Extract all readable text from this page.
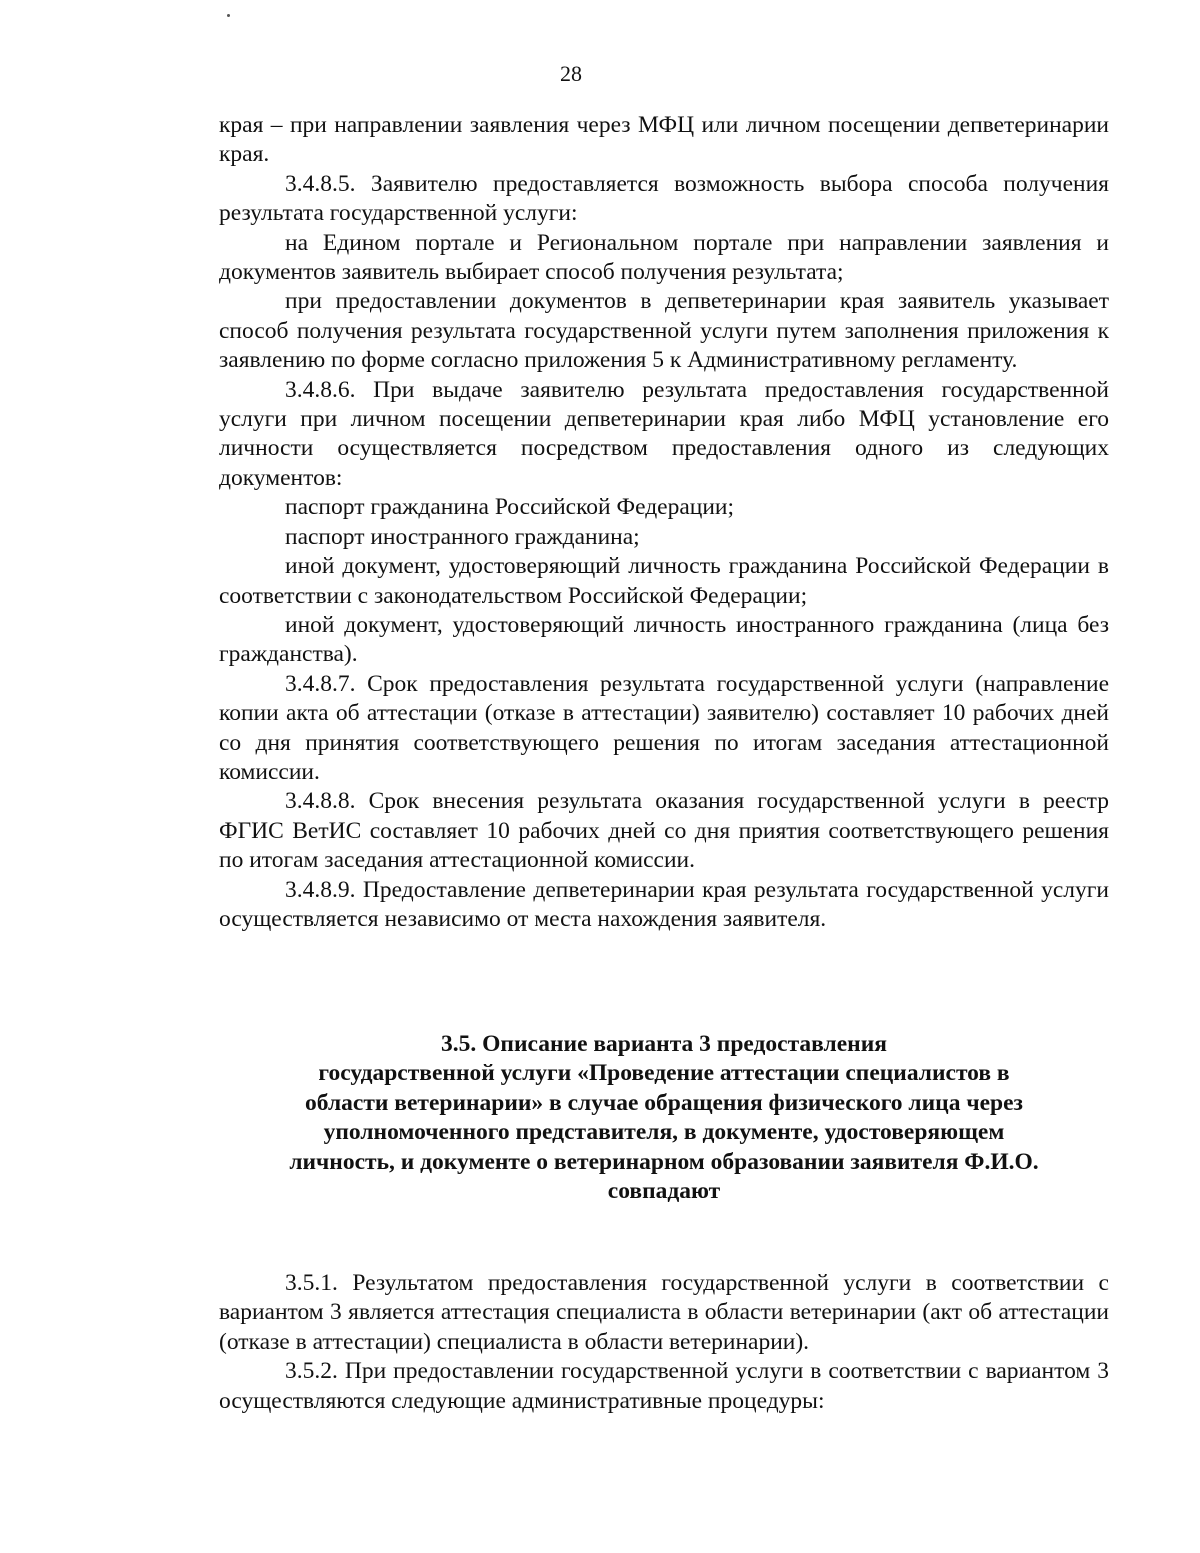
28

края – при направлении заявления через МФЦ или личном посещении депветеринарии края.

3.4.8.5. Заявителю предоставляется возможность выбора способа получения результата государственной услуги:

на Едином портале и Региональном портале при направлении заявления и документов заявитель выбирает способ получения результата;

при предоставлении документов в депветеринарии края заявитель указывает способ получения результата государственной услуги путем заполнения приложения к заявлению по форме согласно приложения 5 к Административному регламенту.

3.4.8.6. При выдаче заявителю результата предоставления государственной услуги при личном посещении депветеринарии края либо МФЦ установление его личности осуществляется посредством предоставления одного из следующих документов:

паспорт гражданина Российской Федерации;

паспорт иностранного гражданина;

иной документ, удостоверяющий личность гражданина Российской Федерации в соответствии с законодательством Российской Федерации;

иной документ, удостоверяющий личность иностранного гражданина (лица без гражданства).

3.4.8.7. Срок предоставления результата государственной услуги (направление копии акта об аттестации (отказе в аттестации) заявителю) составляет 10 рабочих дней со дня принятия соответствующего решения по итогам заседания аттестационной комиссии.

3.4.8.8. Срок внесения результата оказания государственной услуги в реестр ФГИС ВетИС составляет 10 рабочих дней со дня приятия соответствующего решения по итогам заседания аттестационной комиссии.

3.4.8.9. Предоставление депветеринарии края результата государственной услуги осуществляется независимо от места нахождения заявителя.

3.5. Описание варианта 3 предоставления
государственной услуги «Проведение аттестации специалистов в
области ветеринарии» в случае обращения физического лица через
уполномоченного представителя, в документе, удостоверяющем
личность, и документе о ветеринарном образовании заявителя Ф.И.О.
совпадают

3.5.1. Результатом предоставления государственной услуги в соответствии с вариантом 3 является аттестация специалиста в области ветеринарии (акт об аттестации (отказе в аттестации) специалиста в области ветеринарии).

3.5.2. При предоставлении государственной услуги в соответствии с вариантом 3 осуществляются следующие административные процедуры:
